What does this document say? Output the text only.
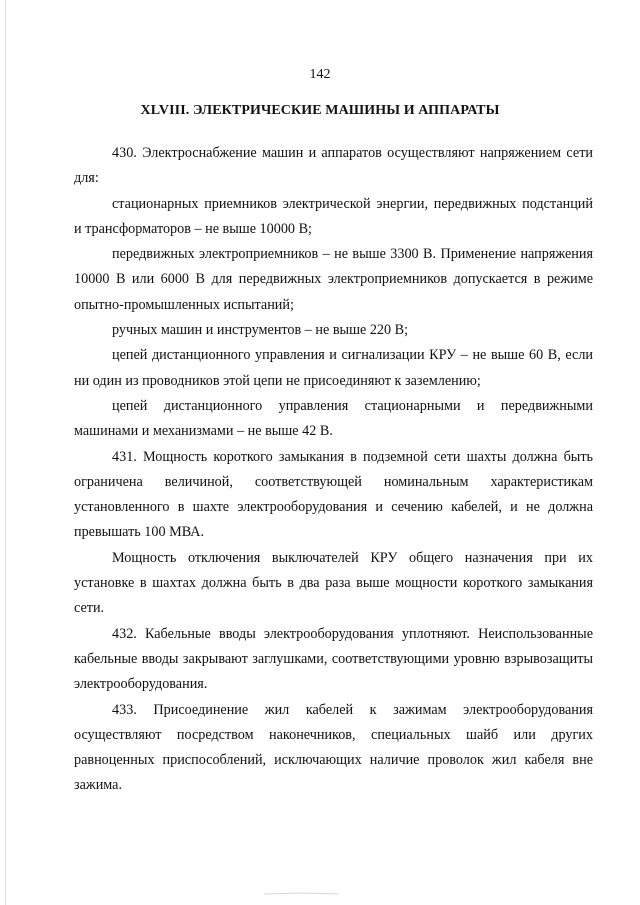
142
XLVIII. ЭЛЕКТРИЧЕСКИЕ МАШИНЫ И АППАРАТЫ

430. Электроснабжение машин и аппаратов осуществляют напряжением сети для:

стационарных приемников электрической энергии, передвижных подстанций и трансформаторов – не выше 10000 В;

передвижных электроприемников – не выше 3300 В. Применение напряжения 10000 В или 6000 В для передвижных электроприемников допускается в режиме опытно-промышленных испытаний;

ручных машин и инструментов – не выше 220 В;

цепей дистанционного управления и сигнализации КРУ – не выше 60 В, если ни один из проводников этой цепи не присоединяют к заземлению;

цепей дистанционного управления стационарными и передвижными машинами и механизмами – не выше 42 В.

431. Мощность короткого замыкания в подземной сети шахты должна быть ограничена величиной, соответствующей номинальным характеристикам установленного в шахте электрооборудования и сечению кабелей, и не должна превышать 100 МВА.

Мощность отключения выключателей КРУ общего назначения при их установке в шахтах должна быть в два раза выше мощности короткого замыкания сети.

432. Кабельные вводы электрооборудования уплотняют. Неиспользованные кабельные вводы закрывают заглушками, соответствующими уровню взрывозащиты электрооборудования.

433. Присоединение жил кабелей к зажимам электрооборудования осуществляют посредством наконечников, специальных шайб или других равноценных приспособлений, исключающих наличие проволок жил кабеля вне зажима.
